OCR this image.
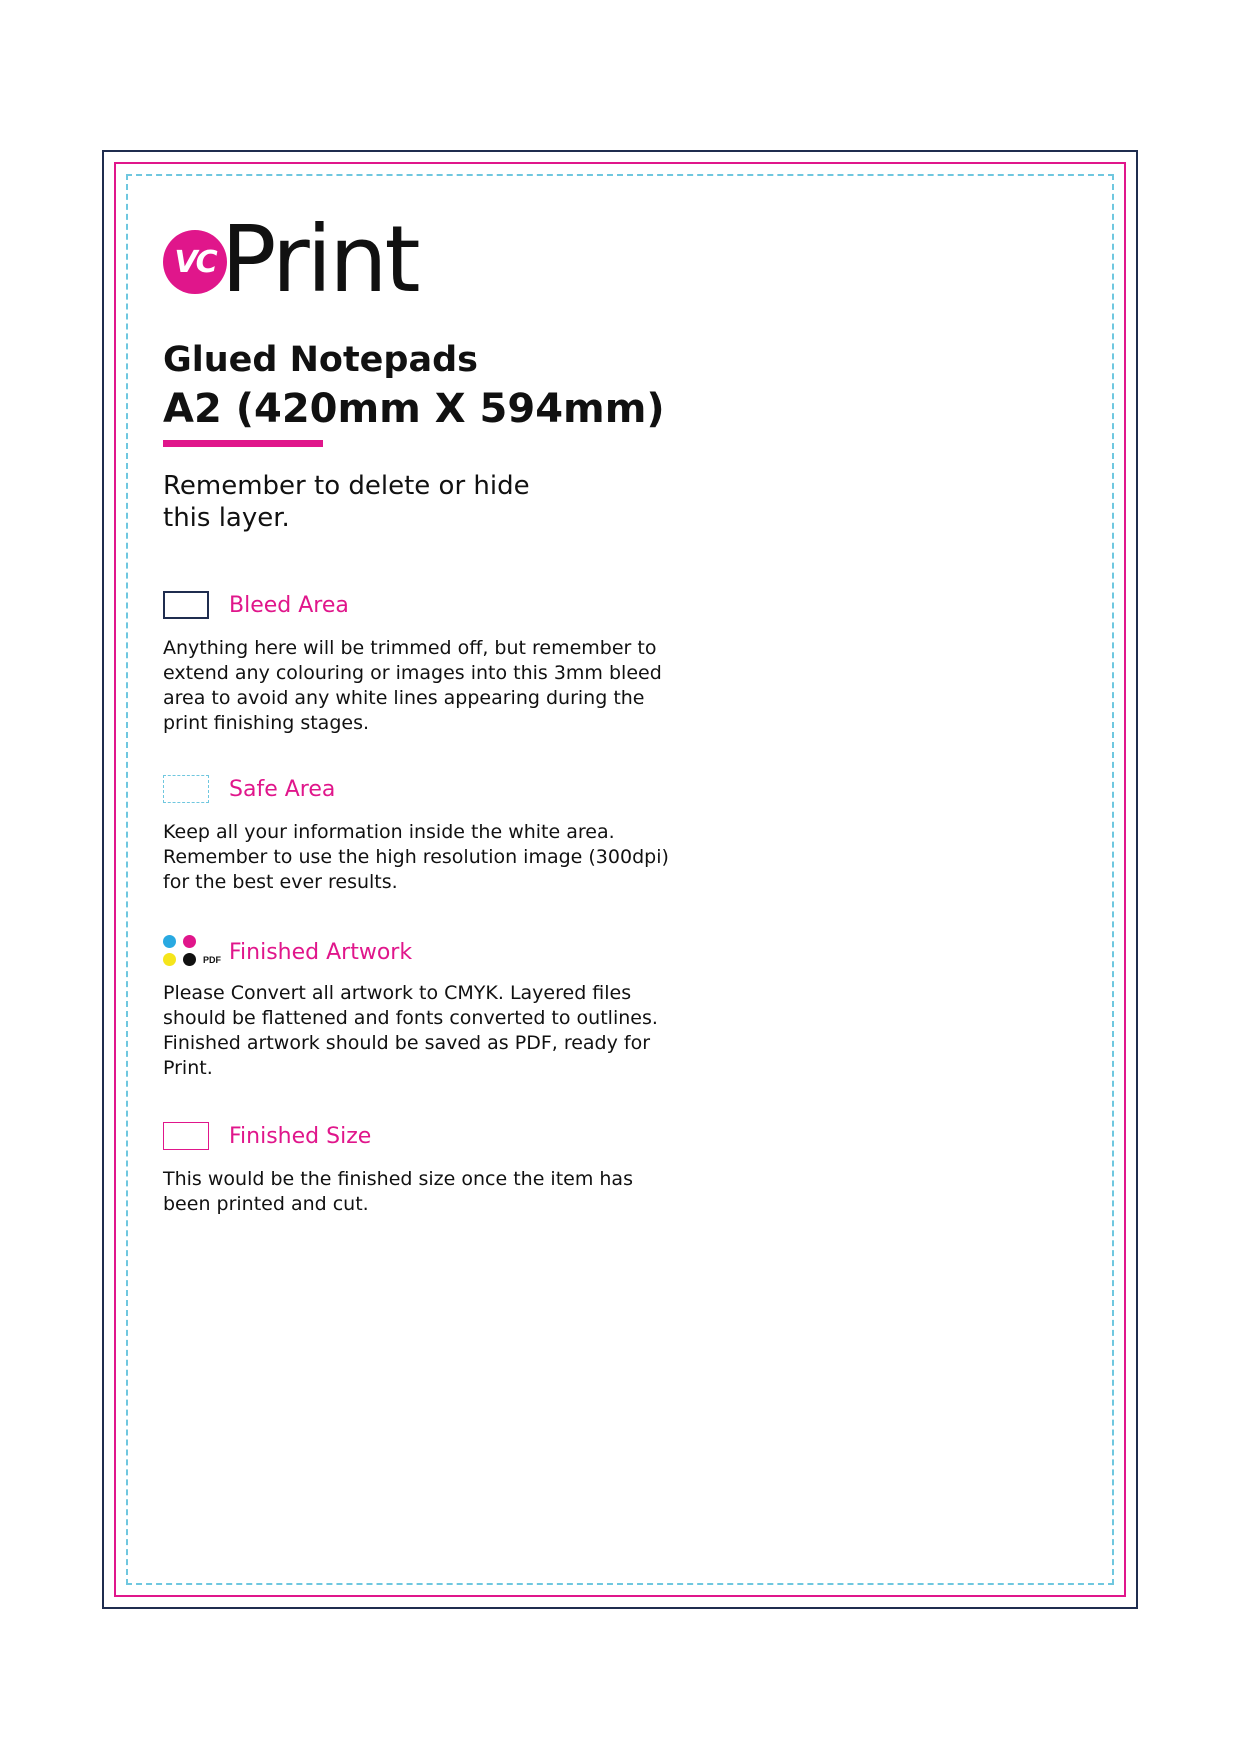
VC Print
Glued Notepads
A2 (420mm X 594mm)
Remember to delete or hide this layer.
Bleed Area
Anything here will be trimmed off, but remember to extend any colouring or images into this 3mm bleed area to avoid any white lines appearing during the print finishing stages.
Safe Area
Keep all your information inside the white area. Remember to use the high resolution image (300dpi) for the best ever results.
PDF Finished Artwork
Please Convert all artwork to CMYK. Layered files should be flattened and fonts converted to outlines. Finished artwork should be saved as PDF, ready for Print.
Finished Size
This would be the finished size once the item has been printed and cut.
